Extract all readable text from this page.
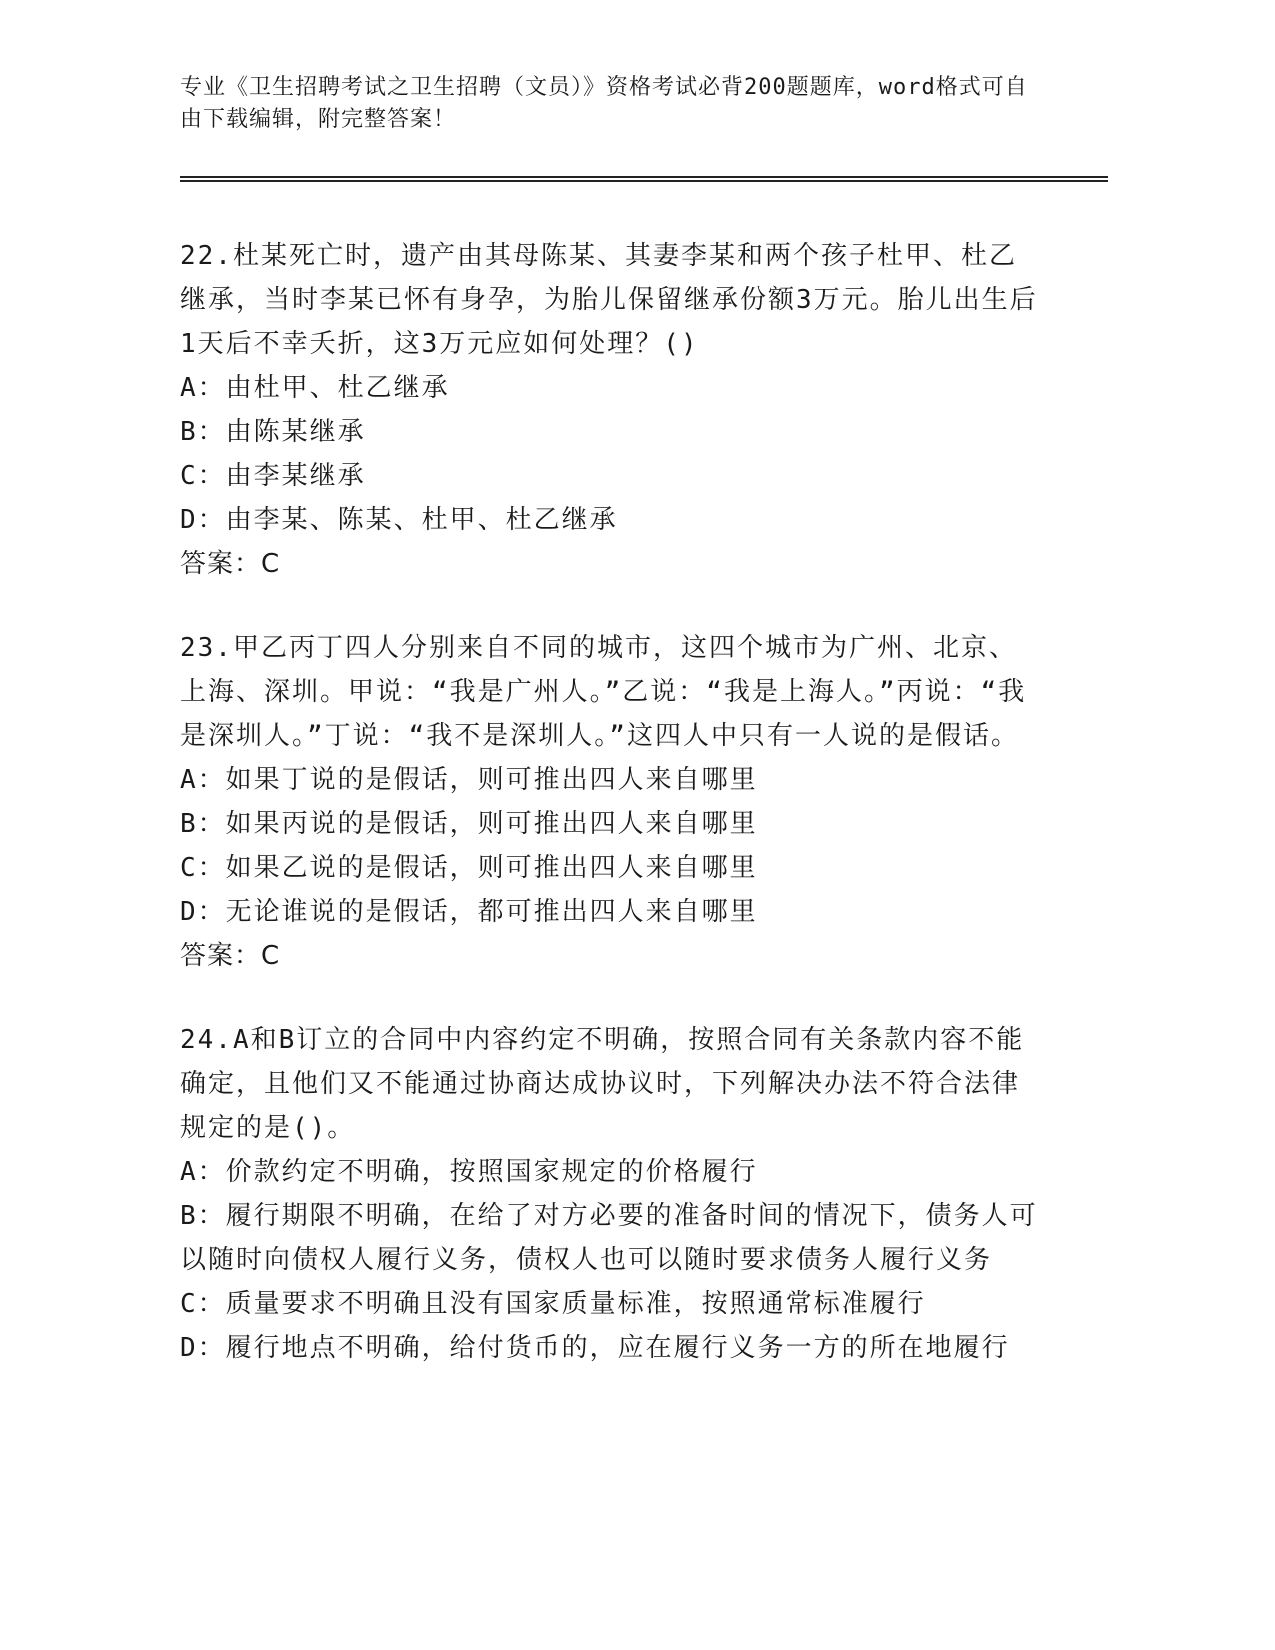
专业《卫生招聘考试之卫生招聘（文员）》资格考试必背200题题库，word格式可自由下载编辑，附完整答案！

22.杜某死亡时，遗产由其母陈某、其妻李某和两个孩子杜甲、杜乙继承，当时李某已怀有身孕，为胎儿保留继承份额3万元。胎儿出生后1天后不幸夭折，这3万元应如何处理？()

A：由杜甲、杜乙继承

B：由陈某继承

C：由李某继承

D：由李某、陈某、杜甲、杜乙继承

答案：C

23.甲乙丙丁四人分别来自不同的城市，这四个城市为广州、北京、上海、深圳。甲说：“我是广州人。”乙说：“我是上海人。”丙说：“我是深圳人。”丁说：“我不是深圳人。”这四人中只有一人说的是假话。

A：如果丁说的是假话，则可推出四人来自哪里

B：如果丙说的是假话，则可推出四人来自哪里

C：如果乙说的是假话，则可推出四人来自哪里

D：无论谁说的是假话，都可推出四人来自哪里

答案：C

24.A和B订立的合同中内容约定不明确，按照合同有关条款内容不能确定，且他们又不能通过协商达成协议时，下列解决办法不符合法律规定的是()。

A：价款约定不明确，按照国家规定的价格履行

B：履行期限不明确，在给了对方必要的准备时间的情况下，债务人可以随时向债权人履行义务，债权人也可以随时要求债务人履行义务

C：质量要求不明确且没有国家质量标准，按照通常标准履行

D：履行地点不明确，给付货币的，应在履行义务一方的所在地履行
